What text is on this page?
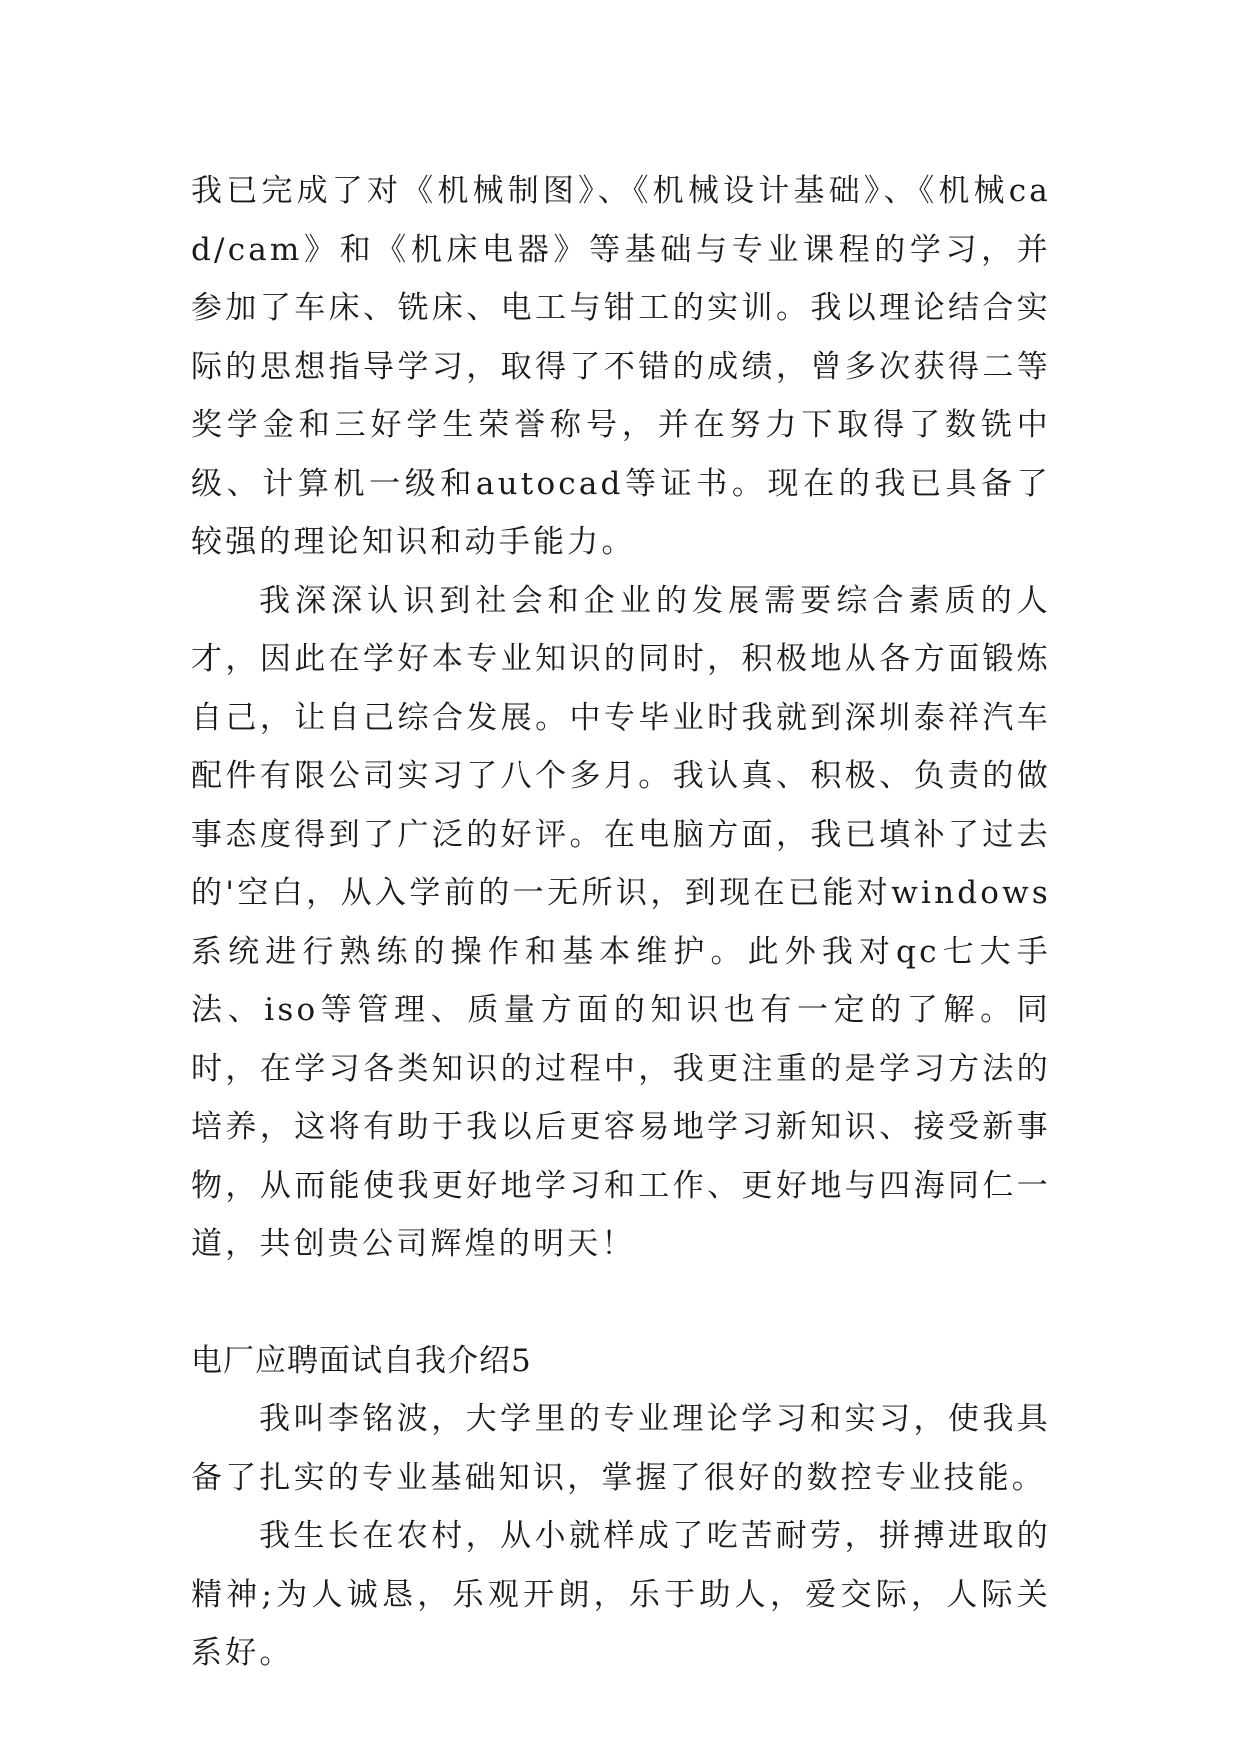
我已完成了对《机械制图》、《机械设计基础》、《机械cad/cam》和《机床电器》等基础与专业课程的学习，并参加了车床、铣床、电工与钳工的实训。我以理论结合实际的思想指导学习，取得了不错的成绩，曾多次获得二等奖学金和三好学生荣誉称号，并在努力下取得了数铣中级、计算机一级和autocad等证书。现在的我已具备了较强的理论知识和动手能力。

我深深认识到社会和企业的发展需要综合素质的人才，因此在学好本专业知识的同时，积极地从各方面锻炼自己，让自己综合发展。中专毕业时我就到深圳泰祥汽车配件有限公司实习了八个多月。我认真、积极、负责的做事态度得到了广泛的好评。在电脑方面，我已填补了过去的'空白，从入学前的一无所识，到现在已能对windows系统进行熟练的操作和基本维护。此外我对qc七大手法、iso等管理、质量方面的知识也有一定的了解。同时，在学习各类知识的过程中，我更注重的是学习方法的培养，这将有助于我以后更容易地学习新知识、接受新事物，从而能使我更好地学习和工作、更好地与四海同仁一道，共创贵公司辉煌的明天！

电厂应聘面试自我介绍5

我叫李铭波，大学里的专业理论学习和实习，使我具备了扎实的专业基础知识，掌握了很好的数控专业技能。

我生长在农村，从小就样成了吃苦耐劳，拼搏进取的精神;为人诚恳，乐观开朗，乐于助人，爱交际，人际关系好。
